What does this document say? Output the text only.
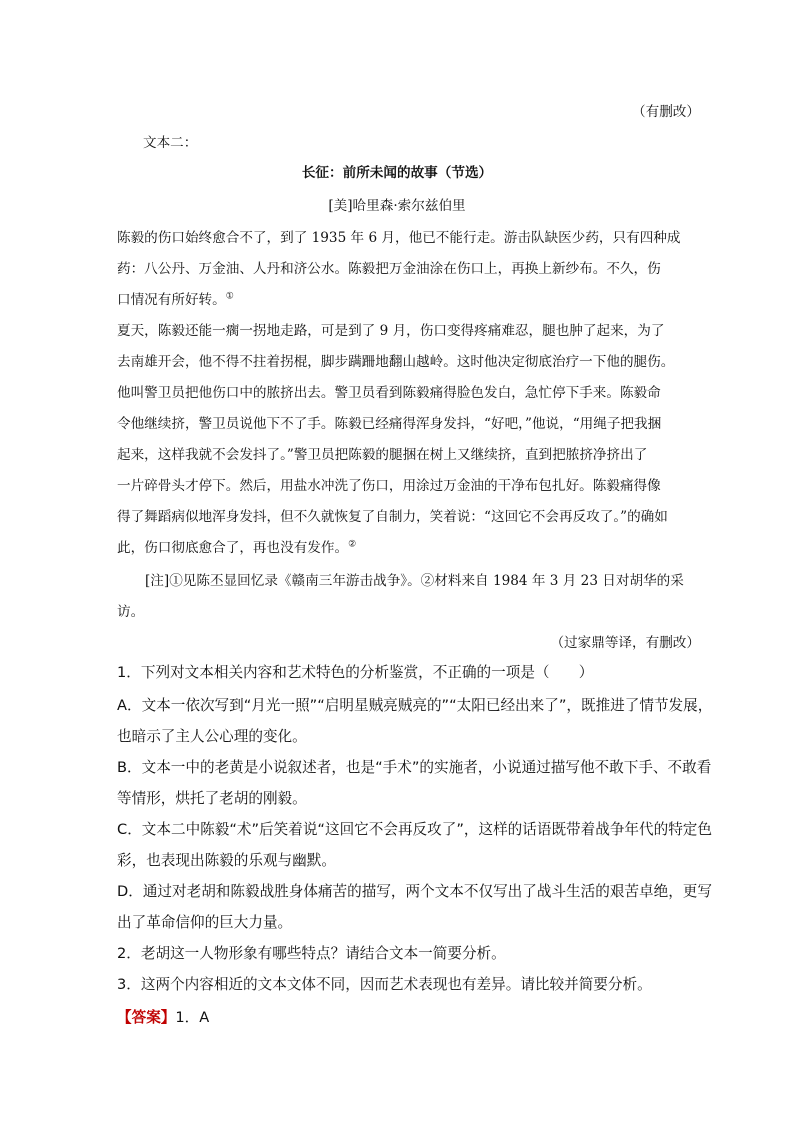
（有删改）
文本二：
长征：前所未闻的故事（节选）
[美]哈里森·索尔兹伯里
陈毅的伤口始终愈合不了，到了 1935 年 6 月，他已不能行走。游击队缺医少药，只有四种成
药：八公丹、万金油、人丹和济公水。陈毅把万金油涂在伤口上，再换上新纱布。不久，伤
口情况有所好转。①
夏天，陈毅还能一瘸一拐地走路，可是到了 9 月，伤口变得疼痛难忍，腿也肿了起来，为了
去南雄开会，他不得不拄着拐棍，脚步蹒跚地翻山越岭。这时他决定彻底治疗一下他的腿伤。
他叫警卫员把他伤口中的脓挤出去。警卫员看到陈毅痛得脸色发白，急忙停下手来。陈毅命
令他继续挤，警卫员说他下不了手。陈毅已经痛得浑身发抖，“好吧，”他说，“用绳子把我捆
起来，这样我就不会发抖了。”警卫员把陈毅的腿捆在树上又继续挤，直到把脓挤净挤出了
一片碎骨头才停下。然后，用盐水冲洗了伤口，用涂过万金油的干净布包扎好。陈毅痛得像
得了舞蹈病似地浑身发抖，但不久就恢复了自制力，笑着说：“这回它不会再反攻了。”的确如
此，伤口彻底愈合了，再也没有发作。②
[注]①见陈丕显回忆录《赣南三年游击战争》。②材料来自 1984 年 3 月 23 日对胡华的采
访。
（过家鼎等译，有删改）
1．下列对文本相关内容和艺术特色的分析鉴赏，不正确的一项是（　　）
A．文本一依次写到“月光一照”“启明星贼亮贼亮的”“太阳已经出来了”，既推进了情节发展，
也暗示了主人公心理的变化。
B．文本一中的老黄是小说叙述者，也是“手术”的实施者，小说通过描写他不敢下手、不敢看
等情形，烘托了老胡的刚毅。
C．文本二中陈毅“术”后笑着说“这回它不会再反攻了”，这样的话语既带着战争年代的特定色
彩，也表现出陈毅的乐观与幽默。
D．通过对老胡和陈毅战胜身体痛苦的描写，两个文本不仅写出了战斗生活的艰苦卓绝，更写
出了革命信仰的巨大力量。
2．老胡这一人物形象有哪些特点？请结合文本一简要分析。
3．这两个内容相近的文本文体不同，因而艺术表现也有差异。请比较并简要分析。
【答案】1．A
